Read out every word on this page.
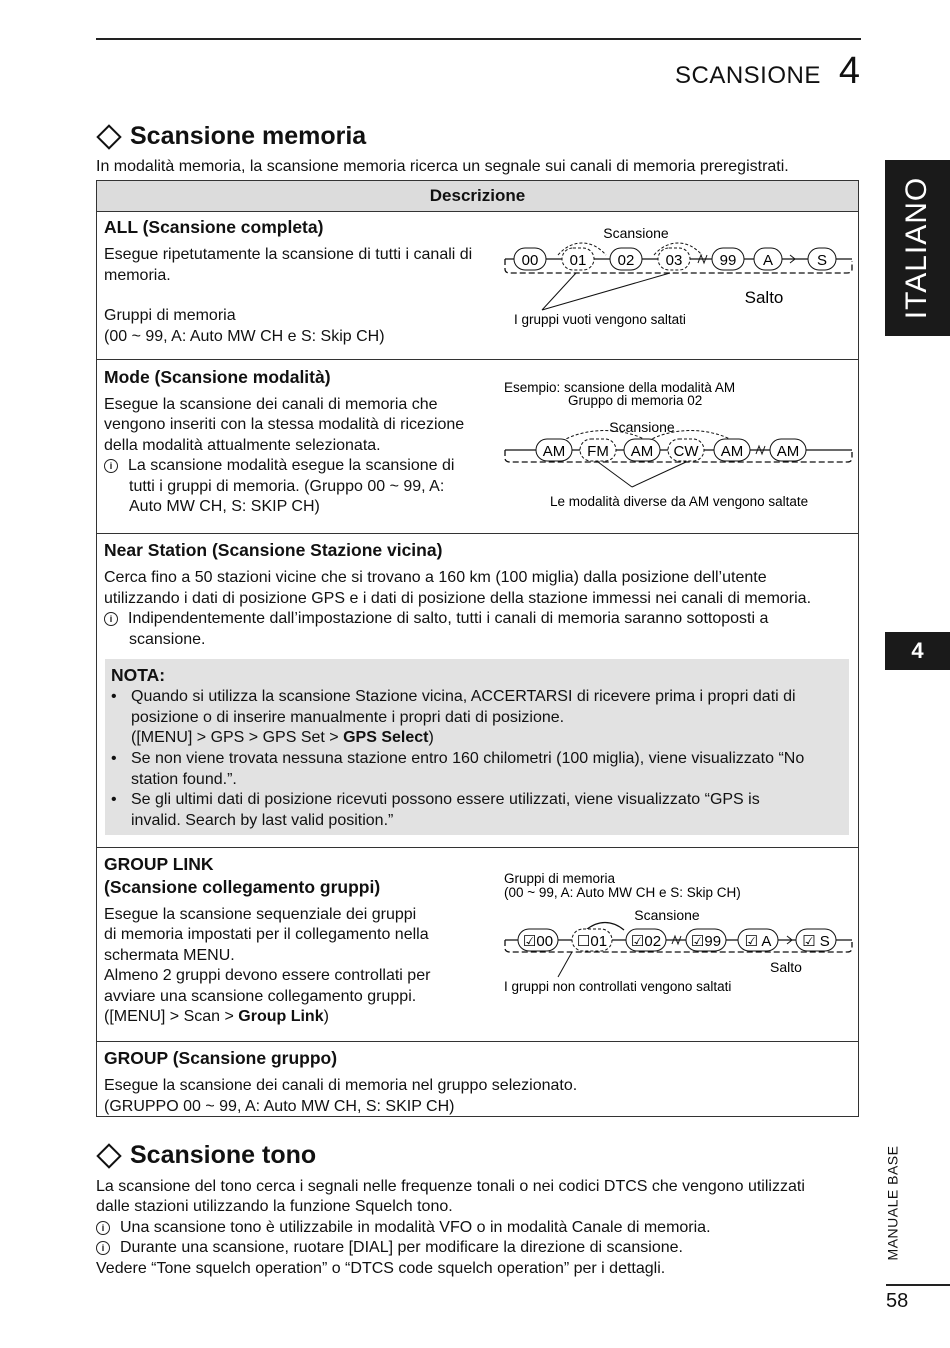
SCANSIONE 4
ITALIANO
4
MANUALE BASE
58
Scansione memoria
In modalità memoria, la scansione memoria ricerca un segnale sui canali di memoria preregistrati.
Descrizione
ALL (Scansione completa)
Esegue ripetutamente la scansione di tutti i canali di memoria.
Gruppi di memoria
(00 ~ 99, A: Auto MW CH e S: Skip CH)
Scansione
00 01 02 03 99 A	S
Salto
I gruppi vuoti vengono saltati
Mode (Scansione modalità)
Esegue la scansione dei canali di memoria che
vengono inseriti con la stessa modalità di ricezione
della modalità attualmente selezionata.
i La scansione modalità esegue la scansione di
tutti i gruppi di memoria. (Gruppo 00 ~ 99, A:
Auto MW CH, S: SKIP CH)
Esempio: scansione della modalità AM
Gruppo di memoria 02
Scansione
AM FM AM CW AM AM
Le modalità diverse da AM vengono saltate
Near Station (Scansione Stazione vicina)
Cerca fino a 50 stazioni vicine che si trovano a 160 km (100 miglia) dalla posizione dell’utente
utilizzando i dati di posizione GPS e i dati di posizione della stazione immessi nei canali di memoria.
i Indipendentemente dall’impostazione di salto, tutti i canali di memoria saranno sottoposti a
scansione.
NOTA:
• Quando si utilizza la scansione Stazione vicina, ACCERTARSI di ricevere prima i propri dati di
posizione o di inserire manualmente i propri dati di posizione.
([MENU] > GPS > GPS Set > GPS Select)
• Se non viene trovata nessuna stazione entro 160 chilometri (100 miglia), viene visualizzato “No
station found.”.
• Se gli ultimi dati di posizione ricevuti possono essere utilizzati, viene visualizzato “GPS is
invalid. Search by last valid position.”
GROUP LINK
(Scansione collegamento gruppi)
Esegue la scansione sequenziale dei gruppi
di memoria impostati per il collegamento nella
schermata MENU.
Almeno 2 gruppi devono essere controllati per
avviare una scansione collegamento gruppi.
([MENU] > Scan > Group Link)
Gruppi di memoria
(00 ~ 99, A: Auto MW CH e S: Skip CH)
Scansione
☑00 ☐01 ☑02 ☑99 ☑ A ☑ S
Salto
I gruppi non controllati vengono saltati
GROUP (Scansione gruppo)
Esegue la scansione dei canali di memoria nel gruppo selezionato.
(GRUPPO 00 ~ 99, A: Auto MW CH, S: SKIP CH)
Scansione tono
La scansione del tono cerca i segnali nelle frequenze tonali o nei codici DTCS che vengono utilizzati
dalle stazioni utilizzando la funzione Squelch tono.
i Una scansione tono è utilizzabile in modalità VFO o in modalità Canale di memoria.
i Durante una scansione, ruotare [DIAL] per modificare la direzione di scansione.
Vedere “Tone squelch operation” o “DTCS code squelch operation” per i dettagli.
